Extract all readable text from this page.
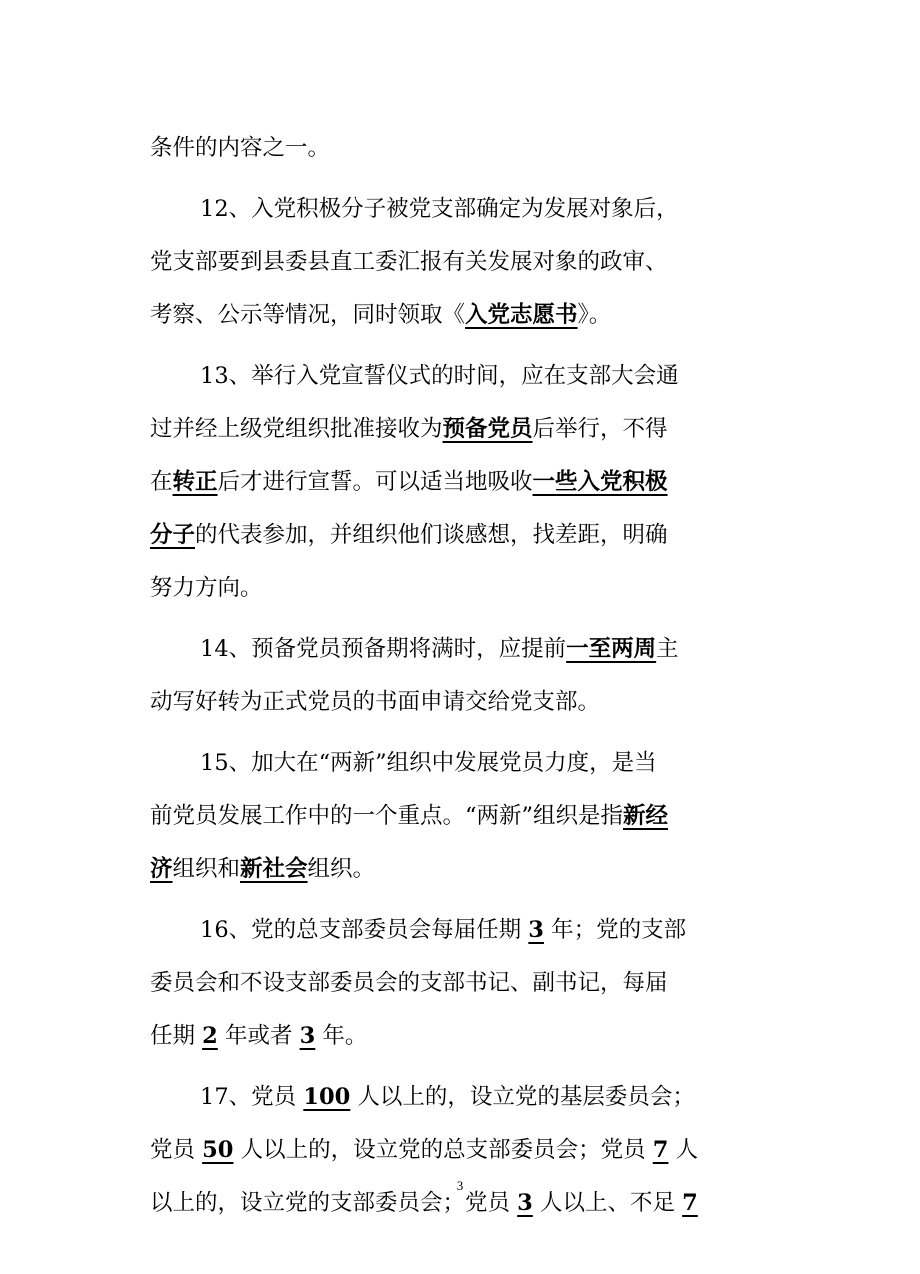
条件的内容之一。
12、入党积极分子被党支部确定为发展对象后，
党支部要到县委县直工委汇报有关发展对象的政审、
考察、公示等情况，同时领取《入党志愿书》。
13、举行入党宣誓仪式的时间，应在支部大会通
过并经上级党组织批准接收为预备党员后举行，不得
在转正后才进行宣誓。可以适当地吸收一些入党积极
分子的代表参加，并组织他们谈感想，找差距，明确
努力方向。
14、预备党员预备期将满时，应提前一至两周主
动写好转为正式党员的书面申请交给党支部。
15、加大在“两新”组织中发展党员力度，是当
前党员发展工作中的一个重点。“两新”组织是指新经
济组织和新社会组织。
16、党的总支部委员会每届任期 3 年；党的支部
委员会和不设支部委员会的支部书记、副书记，每届
任期 2 年或者 3 年。
17、党员 100 人以上的，设立党的基层委员会；
党员 50 人以上的，设立党的总支部委员会；党员 7 人
以上的，设立党的支部委员会；党员 3 人以上、不足 7
3
